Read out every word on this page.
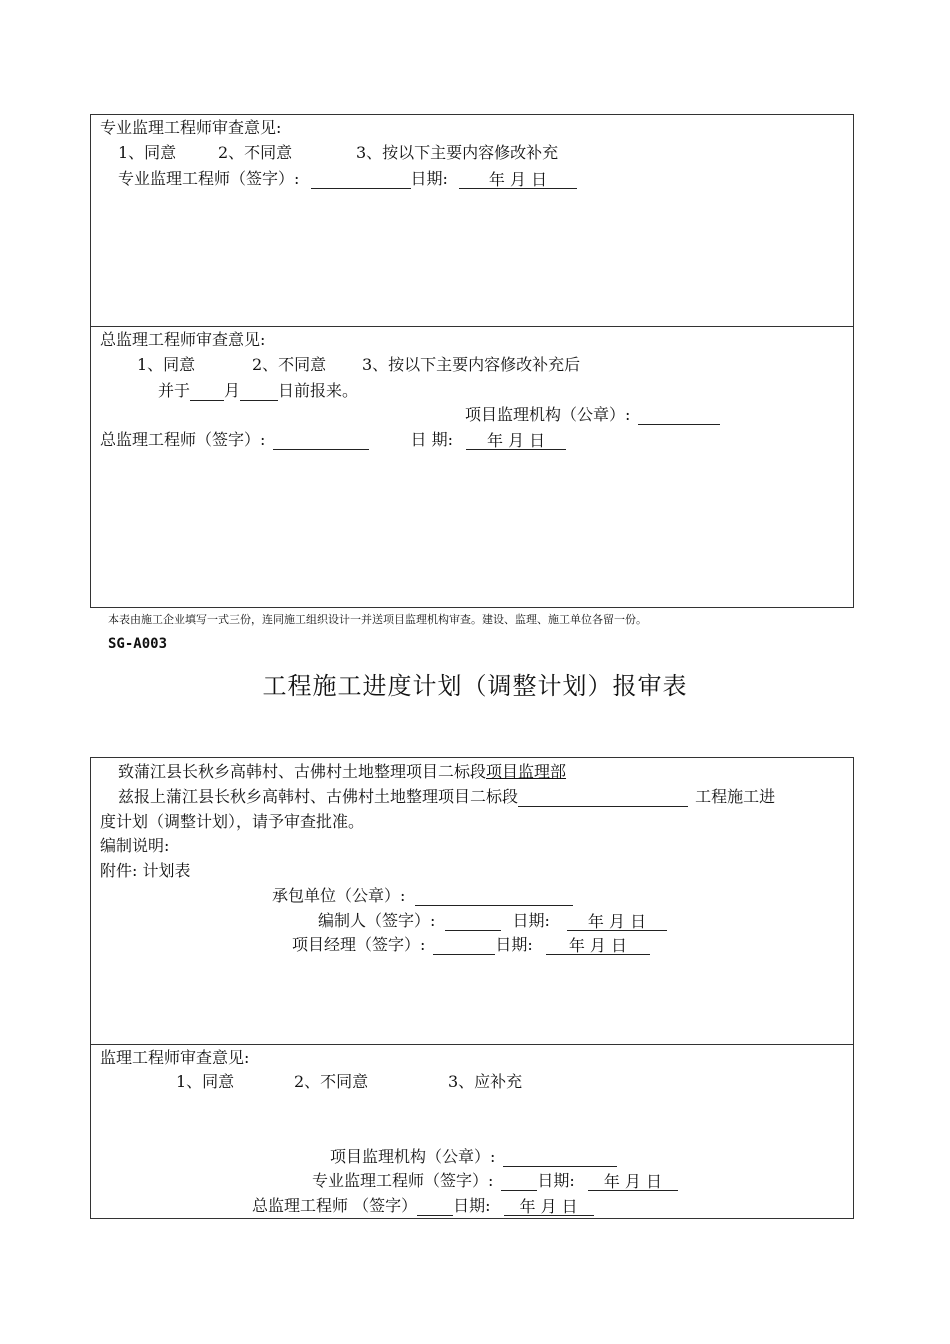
专业监理工程师审查意见:
1、同意	2、不同意	3、按以下主要内容修改补充
专业监理工程师（签字）:	日期:	年 月 日
总监理工程师审查意见:
1、同意	2、不同意 3、按以下主要内容修改补充后
并于 月 日前报来。
项目监理机构（公章）:
总监理工程师（签字）:	日 期: 年 月 日
本表由施工企业填写一式三份，连同施工组织设计一并送项目监理机构审查。建设、监理、施工单位各留一份。
SG-A003
工程施工进度计划（调整计划）报审表
致蒲江县长秋乡高韩村、古佛村土地整理项目二标段项目监理部
兹报上蒲江县长秋乡高韩村、古佛村土地整理项目二标段	工程施工进
度计划（调整计划），请予审查批准。
编制说明:
附件: 计划表
承包单位（公章）:
编制人（签字）:	日期: 年 月 日
项目经理（签字）:	日期: 年 月 日
监理工程师审查意见:
1、同意	2、不同意	3、应补充
项目监理机构（公章）:
专业监理工程师（签字）:	日期: 年 月 日
总监理工程师 （签字） 日期: 年 月 日
